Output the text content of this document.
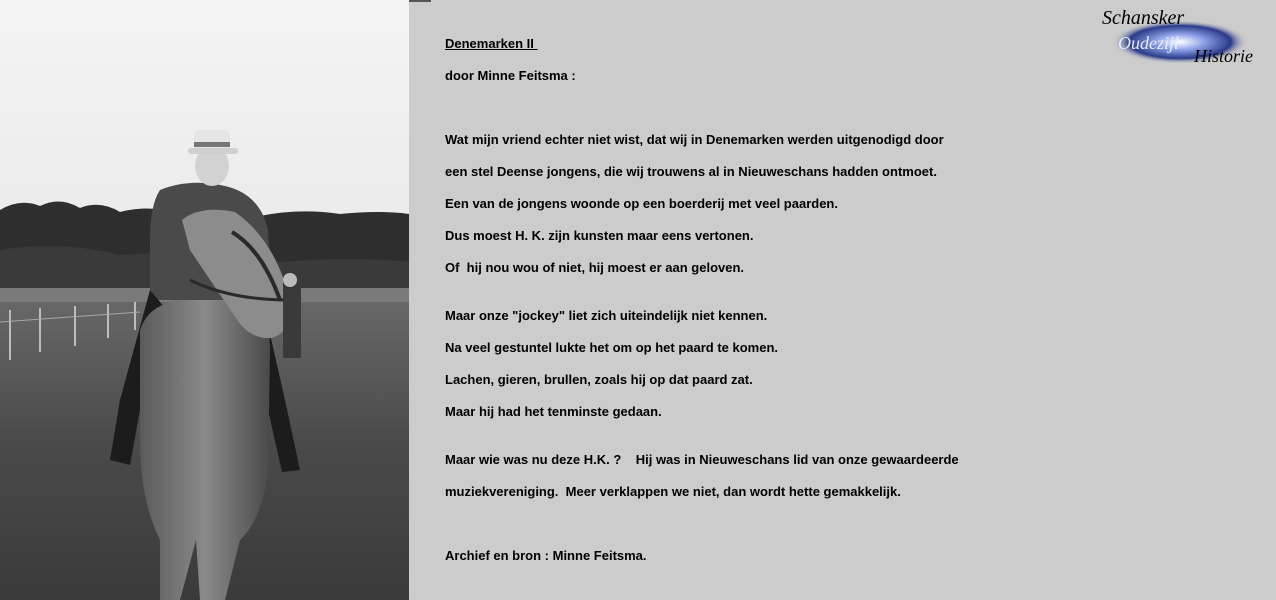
Schansker
Oudezijl
Historie
Denemarken II
door Minne Feitsma :
Wat mijn vriend echter niet wist, dat wij in Denemarken werden uitgenodigd door
een stel Deense jongens, die wij trouwens al in Nieuweschans hadden ontmoet.
Een van de jongens woonde op een boerderij met veel paarden.
Dus moest H. K. zijn kunsten maar eens vertonen.
Of  hij nou wou of niet, hij moest er aan geloven.
Maar onze "jockey" liet zich uiteindelijk niet kennen.
Na veel gestuntel lukte het om op het paard te komen.
Lachen, gieren, brullen, zoals hij op dat paard zat.
Maar hij had het tenminste gedaan.
Maar wie was nu deze H.K. ?    Hij was in Nieuweschans lid van onze gewaardeerde
muziekvereniging.  Meer verklappen we niet, dan wordt hette gemakkelijk.
Archief en bron : Minne Feitsma.
